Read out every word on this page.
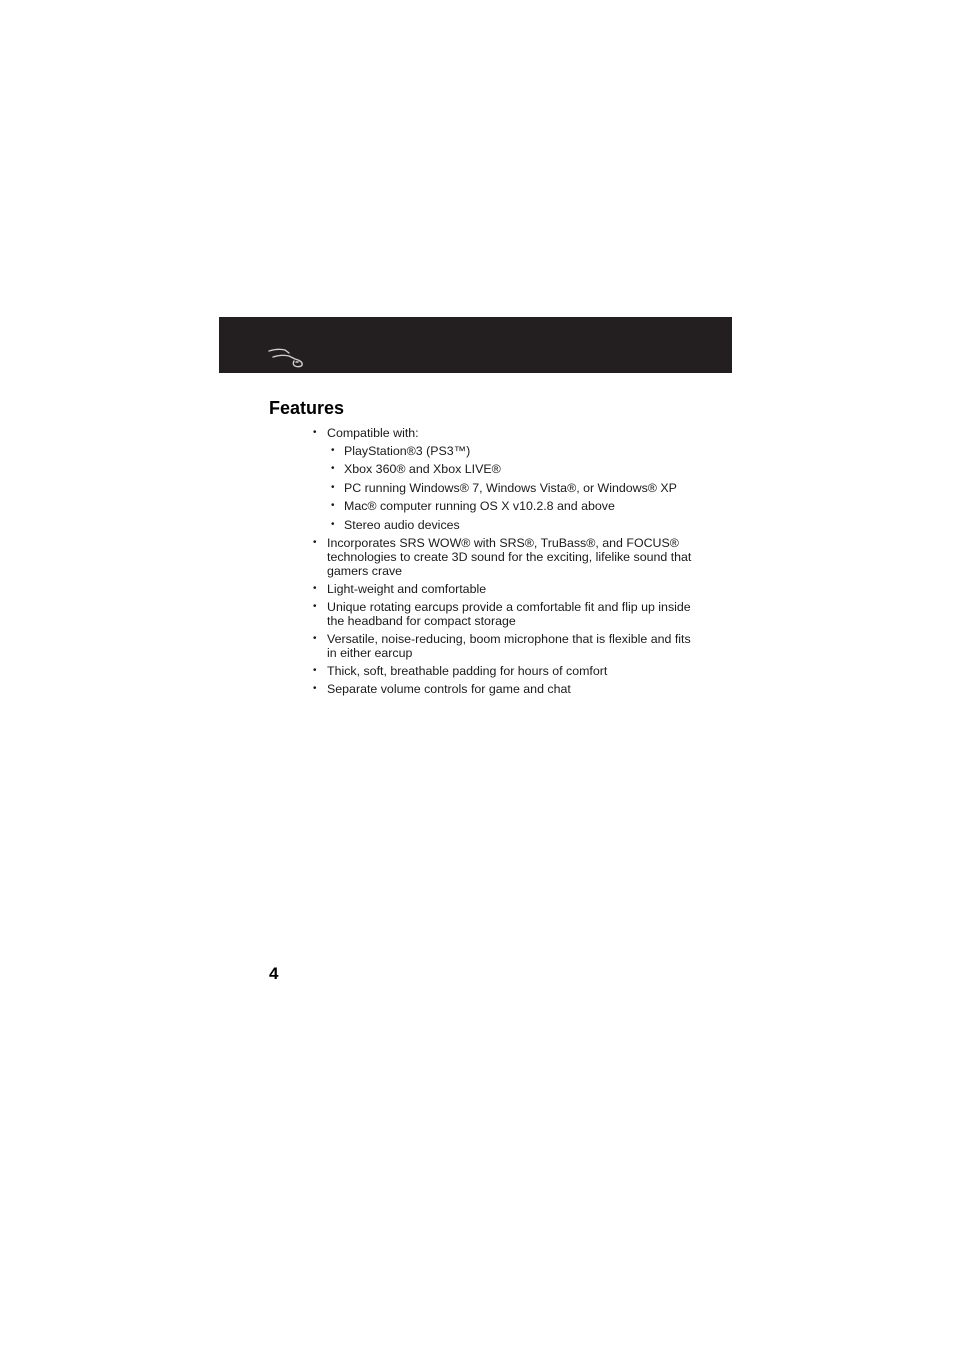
Features
• Compatible with:
• PlayStation®3 (PS3™)
• Xbox 360® and Xbox LIVE®
• PC running Windows® 7, Windows Vista®, or Windows® XP
• Mac® computer running OS X v10.2.8 and above
• Stereo audio devices
• Incorporates SRS WOW® with SRS®, TruBass®, and FOCUS® technologies to create 3D sound for the exciting, lifelike sound that gamers crave
• Light-weight and comfortable
• Unique rotating earcups provide a comfortable fit and flip up inside the headband for compact storage
• Versatile, noise-reducing, boom microphone that is flexible and fits in either earcup
• Thick, soft, breathable padding for hours of comfort
• Separate volume controls for game and chat
4
